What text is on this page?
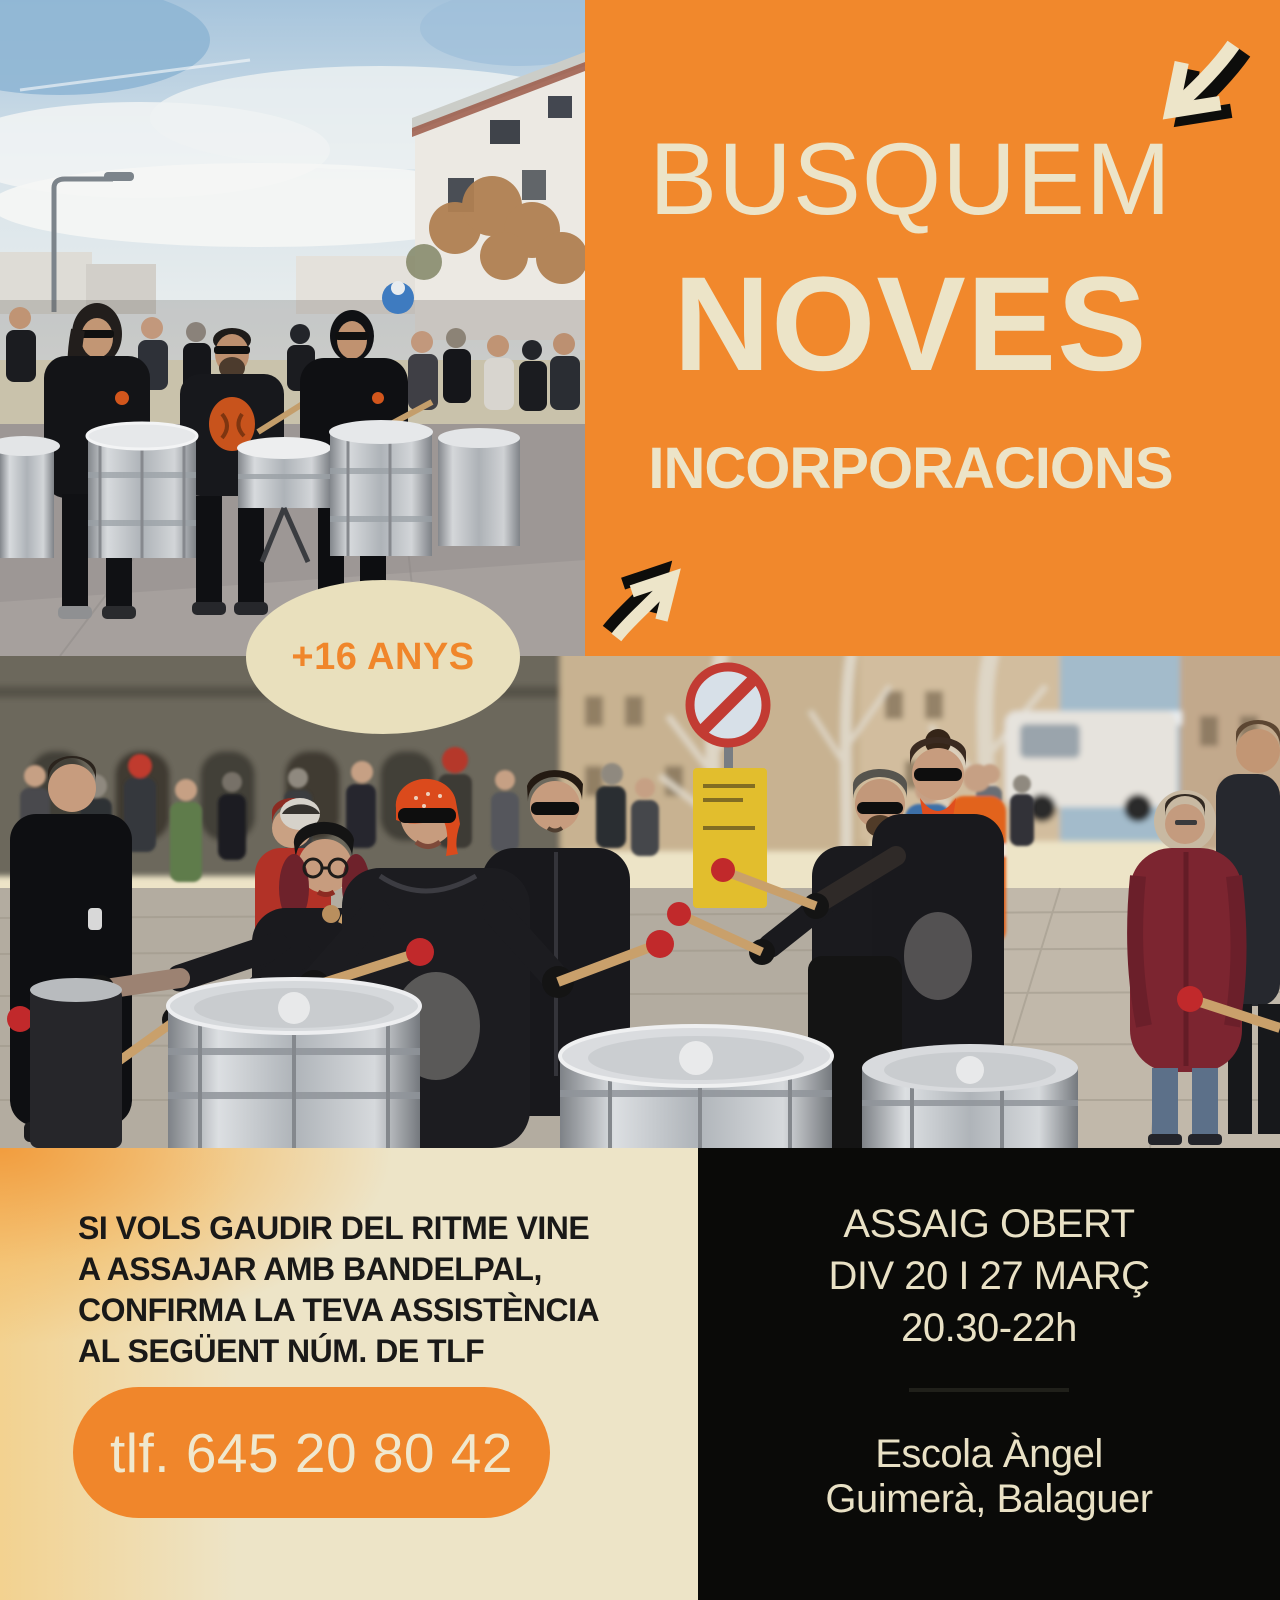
BUSQUEM
NOVES
INCORPORACIONS
+16 ANYS

SI VOLS GAUDIR DEL RITME VINE
A ASSAJAR AMB BANDELPAL,
CONFIRMA LA TEVA ASSISTÈNCIA
AL SEGÜENT NÚM. DE TLF

tlf. 645 20 80 42
ASSAIG OBERT
DIV 20 I 27 MARÇ
20.30-22h
Escola Àngel
Guimerà, Balaguer
